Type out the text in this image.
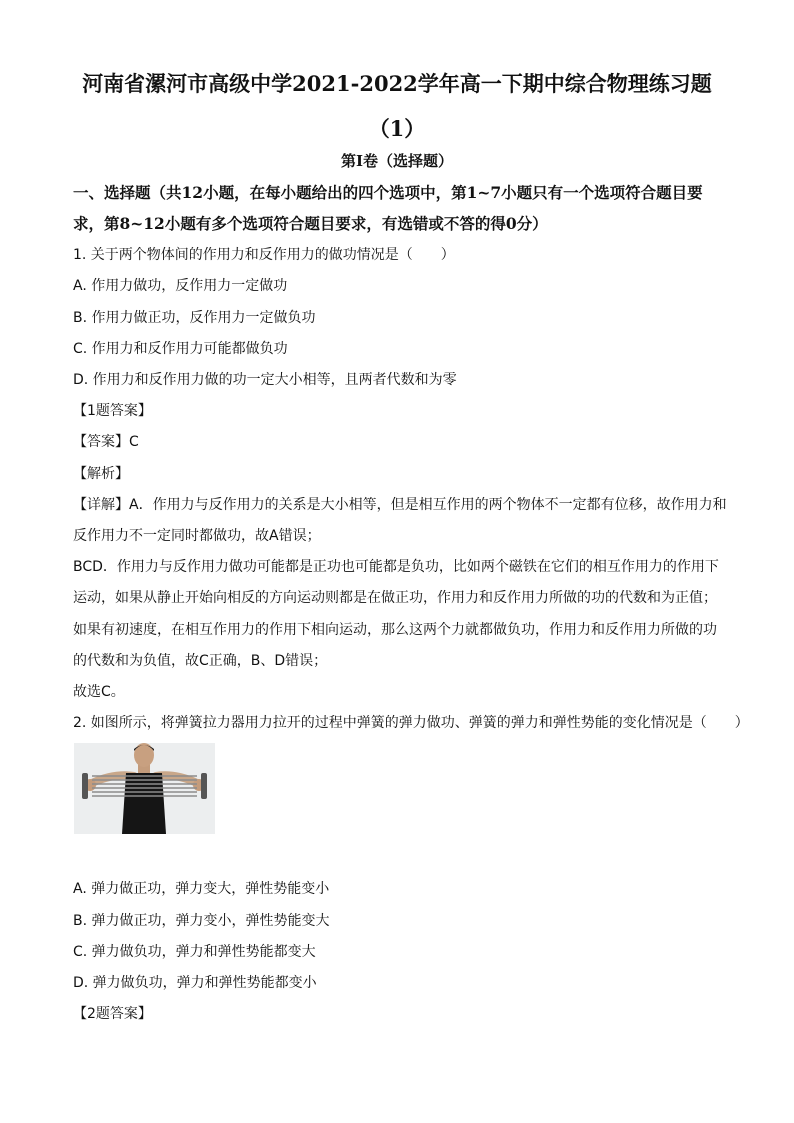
河南省漯河市高级中学2021-2022学年高一下期中综合物理练习题
（1）
第I卷（选择题）
一、选择题（共12小题，在每小题给出的四个选项中，第1~7小题只有一个选项符合题目要求，第8~12小题有多个选项符合题目要求，有选错或不答的得0分）
1. 关于两个物体间的作用力和反作用力的做功情况是（　　）
A. 作用力做功，反作用力一定做功
B. 作用力做正功，反作用力一定做负功
C. 作用力和反作用力可能都做负功
D. 作用力和反作用力做的功一定大小相等，且两者代数和为零
【1题答案】
【答案】C
【解析】
【详解】A．作用力与反作用力的关系是大小相等，但是相互作用的两个物体不一定都有位移，故作用力和
反作用力不一定同时都做功，故A错误；
BCD．作用力与反作用力做功可能都是正功也可能都是负功，比如两个磁铁在它们的相互作用力的作用下
运动，如果从静止开始向相反的方向运动则都是在做正功，作用力和反作用力所做的功的代数和为正值；
如果有初速度，在相互作用力的作用下相向运动，那么这两个力就都做负功，作用力和反作用力所做的功
的代数和为负值，故C正确，B、D错误；
故选C。
2. 如图所示，将弹簧拉力器用力拉开的过程中弹簧的弹力做功、弹簧的弹力和弹性势能的变化情况是（　　）
A. 弹力做正功，弹力变大，弹性势能变小
B. 弹力做正功，弹力变小，弹性势能变大
C. 弹力做负功，弹力和弹性势能都变大
D. 弹力做负功，弹力和弹性势能都变小
【2题答案】
